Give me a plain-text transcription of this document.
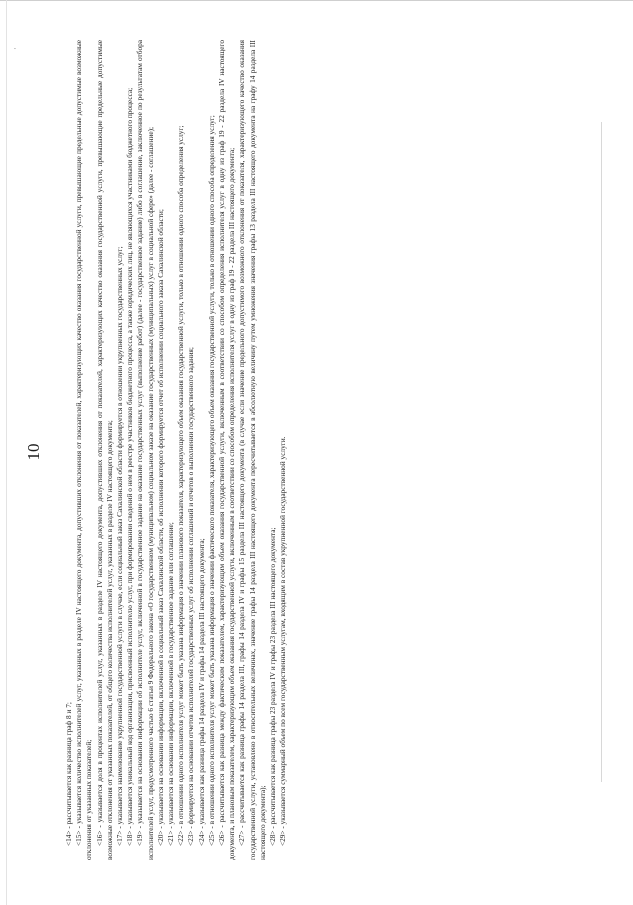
·
10

<14> - рассчитывается как разница граф 8 и 7; <15> - указывается количество исполнителей услуг, указанных в разделе IV настоящего документа, допустивших отклонения от показателей, характеризующих качество оказания государственной услуги, превышающие предельные допустимые возможные отклонения от указанных показателей; <16> - указывается доля в процентах исполнителей услуг, указанных в разделе IV настоящего документа, допустивших отклонения от показателей, характеризующих качество оказания государственной услуги, превышающие предельные допустимые возможные отклонения от указанных показателей, от общего количества исполнителей услуг, указанных в разделе IV настоящего документа; <17> - указывается наименование укрупненной государственной услуги в случае, если социальный заказ Сахалинской области формируется в отношении укрупненных государственных услуг; <18> - указывается уникальный код организации, присвоенный исполнителю услуг, при формировании сведений о нем в реестре участников бюджетного процесса, а также юридических лиц, не являющихся участниками бюджетного процесса; <19> - указывается на основании информации об исполнителе услуг, включенной в государственное задание на оказание государственных услуг (выполнение работ) (далее - государственное задание) либо в соглашение, заключенное по результатам отбора исполнителей услуг, предусмотренного частью 6 статьи 9 Федерального закона «О государственном (муниципальном) социальном заказе на оказание государственных (муниципальных) услуг в социальной сфере» (далее - соглашение); <20> - указывается на основании информации, включенной в социальный заказ Сахалинской области, об исполнении которого формируется отчет об исполнении социального заказа Сахалинской области; <21> - указывается на основании информации, включенной в государственное задание или соглашение; <22> - в отношении одного исполнителя услуг может быть указана информация о значении планового показателя, характеризующего объем оказания государственной услуги, только в отношении одного способа определения услуг; <23> - формируется на основании отчетов исполнителей государственных услуг об исполнении соглашений и отчетов о выполнении государственного задания; <24> - указывается как разница графы 14 раздела IV и графы 14 раздела III настоящего документа; <25> - в отношении одного исполнителя услуг может быть указана информация о значении фактического показателя, характеризующего объем оказания государственной услуги, только в отношении одного способа определения услуг; <26> - рассчитывается как разница между фактическим показателем, характеризующим объем оказания государственной услуги, включенным в соответствии со способом определения исполнителя услуг в одну из граф 19 - 22 раздела IV настоящего документа, и плановым показателем, характеризующим объем оказания государственной услуги, включенным в соответствии со способом определения исполнителя услуг в одну из граф 19 - 22 раздела III настоящего документа; <27> - рассчитывается как разница графы 14 раздела III, графы 14 раздела IV и графы 15 раздела III настоящего документа (в случае если значение предельного допустимого возможного отклонения от показателя, характеризующего качество оказания государственной услуги, установлено в относительных величинах, значение графы 14 раздела III настоящего документа пересчитывается в абсолютную величину путем умножения значения графы 13 раздела III настоящего документа на графу 14 раздела III настоящего документа); <28> - рассчитывается как разница графы 23 раздела IV и графы 23 раздела III настоящего документа; <29> - указывается суммарный объем по всем государственным услугам, входящим в состав укрупненной государственной услуги.
